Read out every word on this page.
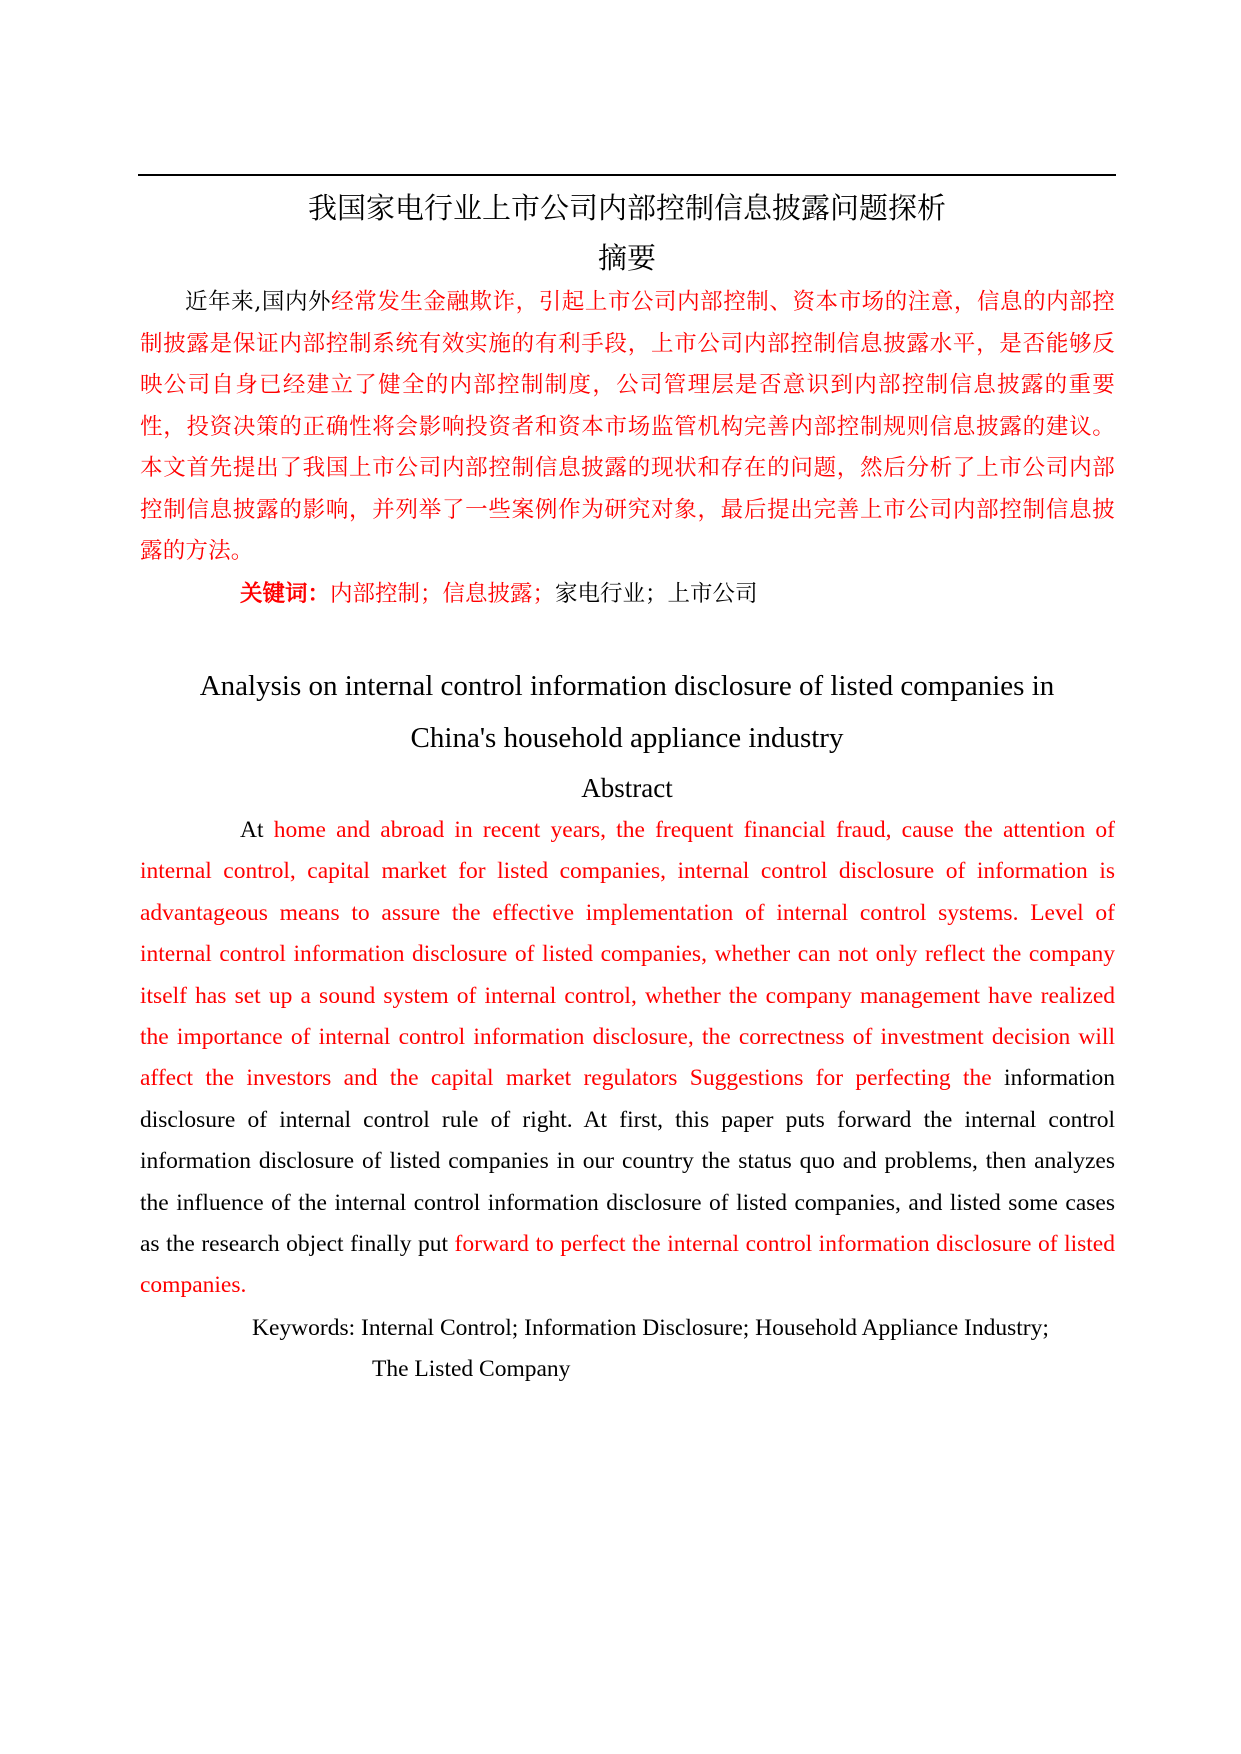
我国家电行业上市公司内部控制信息披露问题探析
摘要
近年来,国内外经常发生金融欺诈，引起上市公司内部控制、资本市场的注意，信息的内部控制披露是保证内部控制系统有效实施的有利手段，上市公司内部控制信息披露水平，是否能够反映公司自身已经建立了健全的内部控制制度，公司管理层是否意识到内部控制信息披露的重要性，投资决策的正确性将会影响投资者和资本市场监管机构完善内部控制规则信息披露的建议。本文首先提出了我国上市公司内部控制信息披露的现状和存在的问题，然后分析了上市公司内部控制信息披露的影响，并列举了一些案例作为研究对象，最后提出完善上市公司内部控制信息披露的方法。
关键词：内部控制；信息披露；家电行业；上市公司
Analysis on internal control information disclosure of listed companies in
China's household appliance industry
Abstract
At home and abroad in recent years, the frequent financial fraud, cause the attention of internal control, capital market for listed companies, internal control disclosure of information is advantageous means to assure the effective implementation of internal control systems. Level of internal control information disclosure of listed companies, whether can not only reflect the company itself has set up a sound system of internal control, whether the company management have realized the importance of internal control information disclosure, the correctness of investment decision will affect the investors and the capital market regulators Suggestions for perfecting the information disclosure of internal control rule of right. At first, this paper puts forward the internal control information disclosure of listed companies in our country the status quo and problems, then analyzes the influence of the internal control information disclosure of listed companies, and listed some cases as the research object finally put forward to perfect the internal control information disclosure of listed companies.
Keywords: Internal Control; Information Disclosure; Household Appliance Industry;
The Listed Company
